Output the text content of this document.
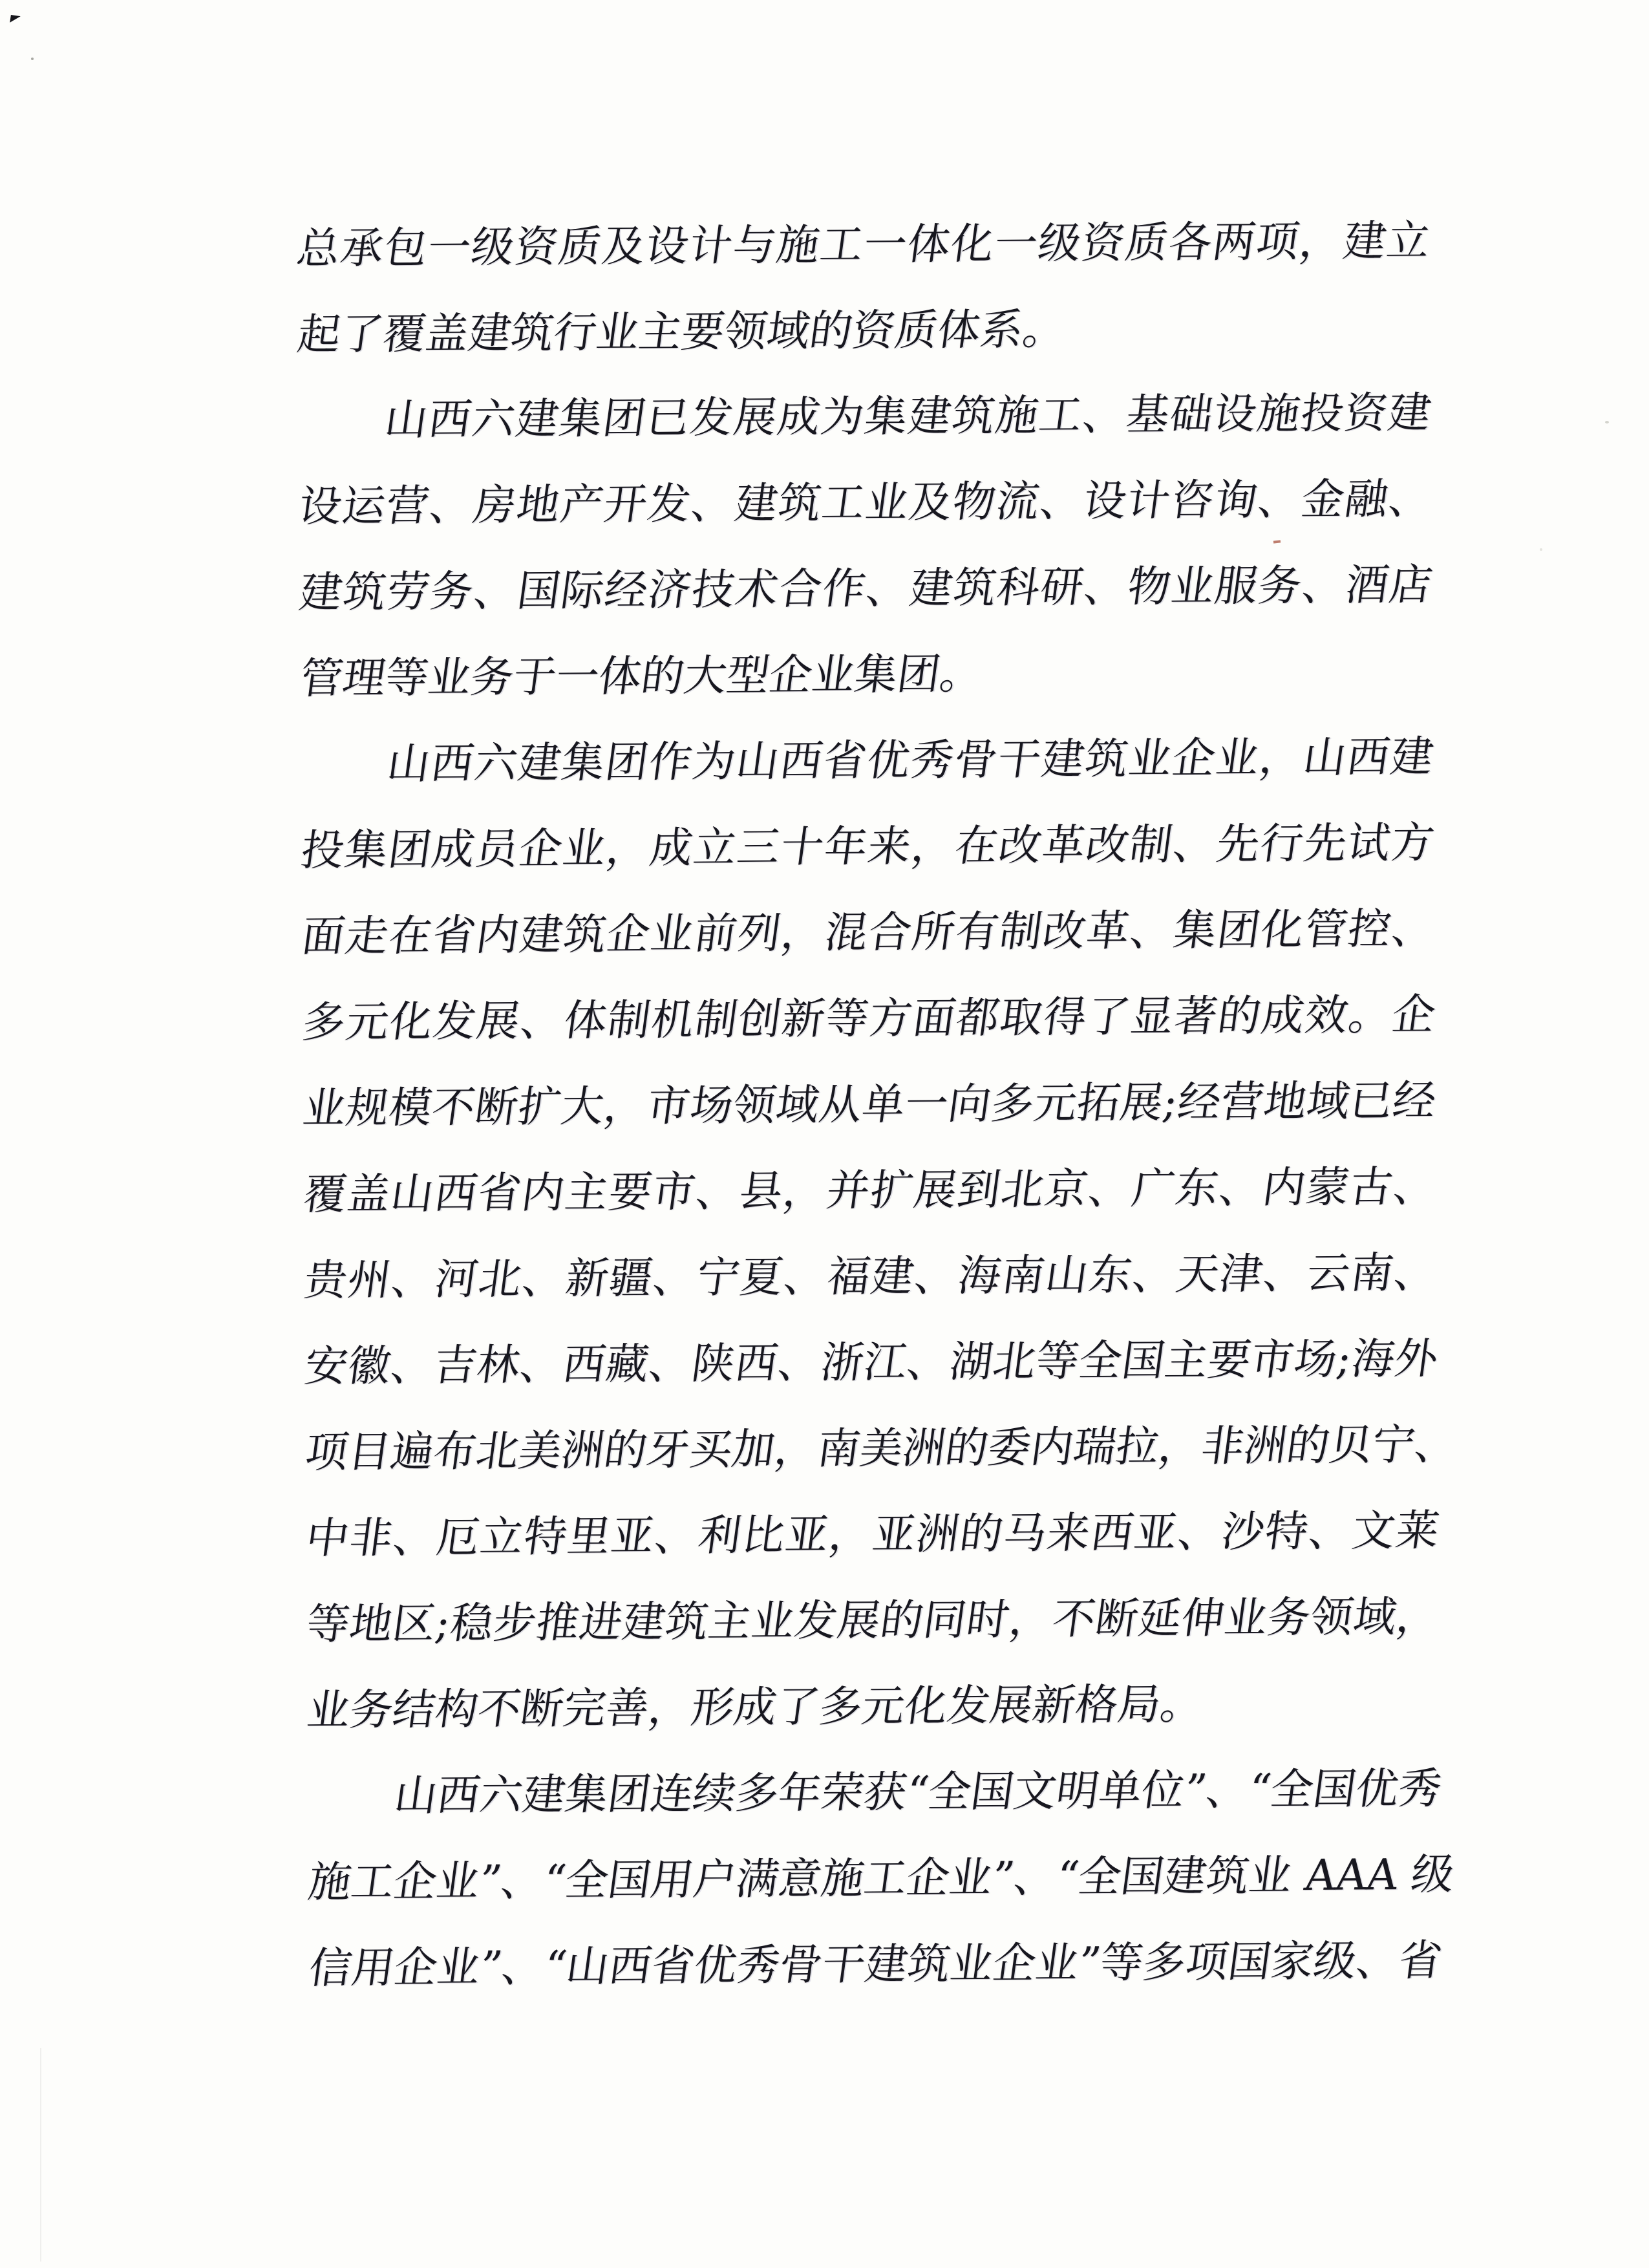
总承包一级资质及设计与施工一体化一级资质各两项，建立
起了覆盖建筑行业主要领域的资质体系。
山西六建集团已发展成为集建筑施工、基础设施投资建
设运营、房地产开发、建筑工业及物流、设计咨询、金融、
建筑劳务、国际经济技术合作、建筑科研、物业服务、酒店
管理等业务于一体的大型企业集团。
山西六建集团作为山西省优秀骨干建筑业企业，山西建
投集团成员企业，成立三十年来，在改革改制、先行先试方
面走在省内建筑企业前列，混合所有制改革、集团化管控、
多元化发展、体制机制创新等方面都取得了显著的成效。企
业规模不断扩大，市场领域从单一向多元拓展;经营地域已经
覆盖山西省内主要市、县，并扩展到北京、广东、内蒙古、
贵州、河北、新疆、宁夏、福建、海南山东、天津、云南、
安徽、吉林、西藏、陕西、浙江、湖北等全国主要市场;海外
项目遍布北美洲的牙买加，南美洲的委内瑞拉，非洲的贝宁、
中非、厄立特里亚、利比亚，亚洲的马来西亚、沙特、文莱
等地区;稳步推进建筑主业发展的同时，不断延伸业务领域，
业务结构不断完善，形成了多元化发展新格局。
山西六建集团连续多年荣获“全国文明单位”、“全国优秀
施工企业”、“全国用户满意施工企业”、“全国建筑业 AAA 级
信用企业”、“山西省优秀骨干建筑业企业”等多项国家级、省
